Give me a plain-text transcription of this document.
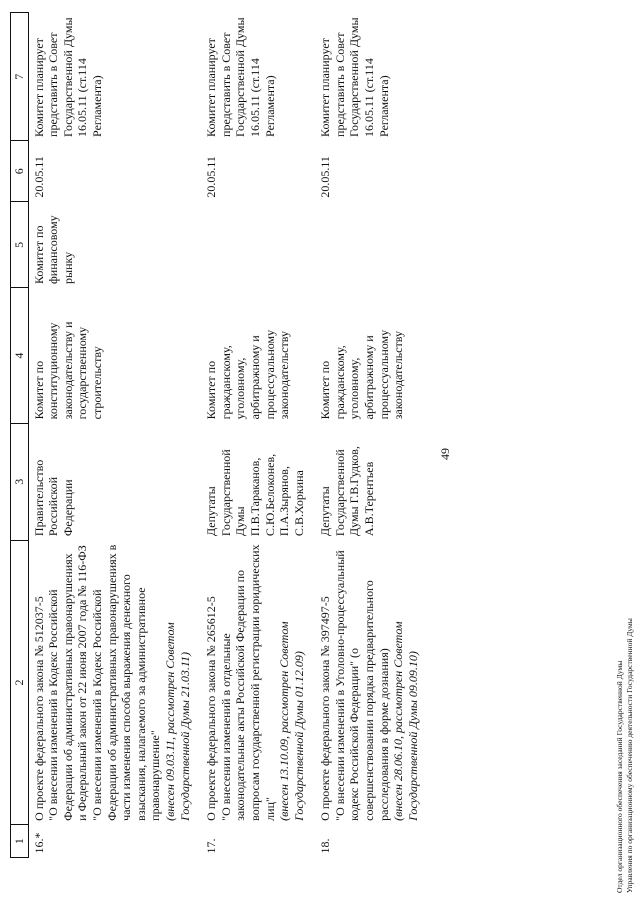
49
1	2	3	4	5	6	7
16.*	О проекте федерального закона № 512037-5 "О внесении изменений в Кодекс Российской Федерации об административных правонарушениях и Федеральный закон от 22 июня 2007 года № 116-ФЗ "О внесении изменений в Кодекс Российской Федерации об административных правонарушениях в части изменения способа выражения денежного взыскания, налагаемого за административное правонарушение" (внесен 09.03.11, рассмотрен Советом Государственной Думы 21.03.11)	Правительство Российской Федерации	Комитет по конституционному законодательству и государственному строительству	Комитет по финансовому рынку	20.05.11	Комитет планирует представить в Совет Государственной Думы 16.05.11 (ст.114 Регламента)
17.	О проекте федерального закона № 265612-5 "О внесении изменений в отдельные законодательные акты Российской Федерации по вопросам государственной регистрации юридических лиц" (внесен 13.10.09, рассмотрен Советом Государственной Думы 01.12.09)	Депутаты Государственной Думы П.В.Тараканов, С.Ю.Белоконев, П.А.Зырянов, С.В.Хоркина	Комитет по гражданскому, уголовному, арбитражному и процессуальному законодательству		20.05.11	Комитет планирует представить в Совет Государственной Думы 16.05.11 (ст.114 Регламента)
18.	О проекте федерального закона № 397497-5 "О внесении изменений в Уголовно-процессуальный кодекс Российской Федерации" (о совершенствовании порядка предварительного расследования в форме дознания) (внесен 28.06.10, рассмотрен Советом Государственной Думы 09.09.10)	Депутаты Государственной Думы Г.В.Гудков, А.В.Терентьев	Комитет по гражданскому, уголовному, арбитражному и процессуальному законодательству		20.05.11	Комитет планирует представить в Совет Государственной Думы 16.05.11 (ст.114 Регламента)
Отдел организационного обеспечения заседаний Государственной Думы Управления по организационному обеспечению деятельности Государственной Думы
